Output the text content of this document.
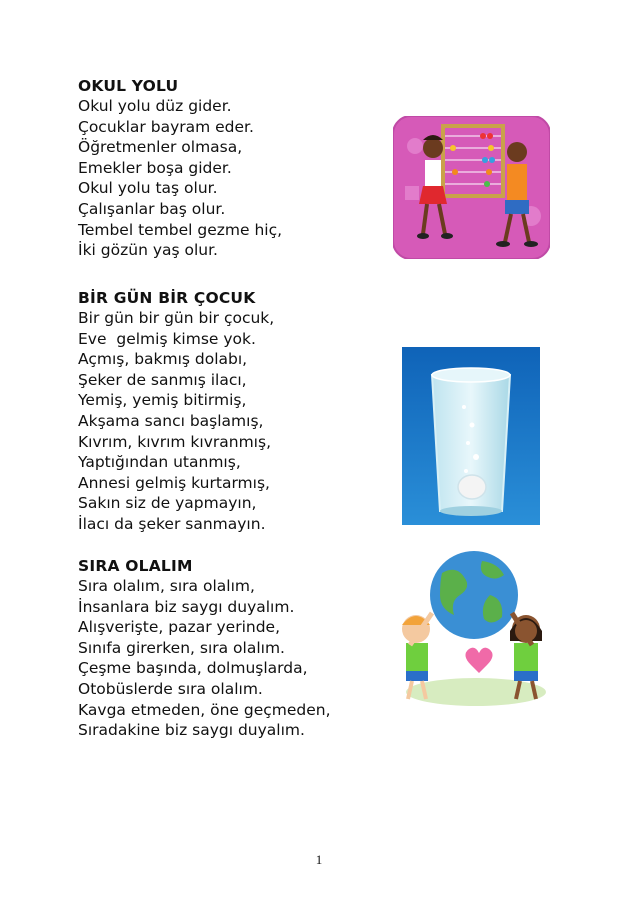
OKUL YOLU
Okul yolu düz gider.
Çocuklar bayram eder.
Öğretmenler olmasa,
Emekler boşa gider.
Okul yolu taş olur.
Çalışanlar baş olur.
Tembel tembel gezme hiç,
İki gözün yaş olur.
BİR GÜN BİR ÇOCUK
Bir gün bir gün bir çocuk,
Eve  gelmiş kimse yok.
Açmış, bakmış dolabı,
Şeker de sanmış ilacı,
Yemiş, yemiş bitirmiş,
Akşama sancı başlamış,
Kıvrım, kıvrım kıvranmış,
Yaptığından utanmış,
Annesi gelmiş kurtarmış,
Sakın siz de yapmayın,
İlacı da şeker sanmayın.
SIRA OLALIM
Sıra olalım, sıra olalım,
İnsanlara biz saygı duyalım.
Alışverişte, pazar yerinde,
Sınıfa girerken, sıra olalım.
Çeşme başında, dolmuşlarda,
Otobüslerde sıra olalım.
Kavga etmeden, öne geçmeden,
Sıradakine biz saygı duyalım.
1
